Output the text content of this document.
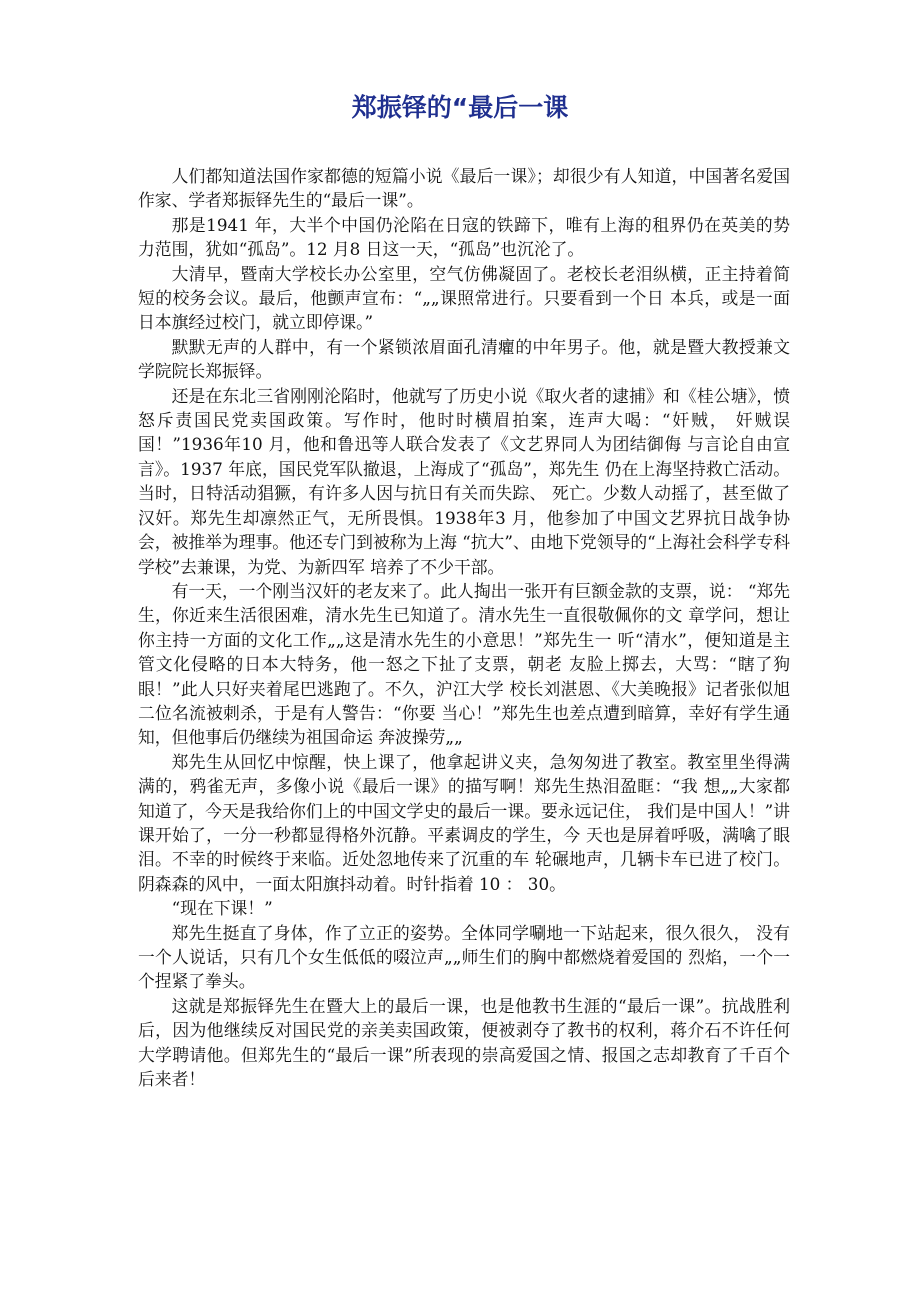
郑振铎的“最后一课

人们都知道法国作家都德的短篇小说《最后一课》；却很少有人知道，中国著名爱国作家、学者郑振铎先生的“最后一课”。

那是1941 年，大半个中国仍沦陷在日寇的铁蹄下，唯有上海的租界仍在英美的势力范围，犹如“孤岛”。12 月8 日这一天，“孤岛”也沉沦了。

大清早，暨南大学校长办公室里，空气仿佛凝固了。老校长老泪纵横，正主持着简短的校务会议。最后，他颤声宣布：“„„课照常进行。只要看到一个日 本兵，或是一面日本旗经过校门，就立即停课。”

默默无声的人群中，有一个紧锁浓眉面孔清癯的中年男子。他，就是暨大教授兼文学院院长郑振铎。

还是在东北三省刚刚沦陷时，他就写了历史小说《取火者的逮捕》和《桂公塘》，愤怒斥责国民党卖国政策。写作时，他时时横眉拍案，连声大喝：“奸贼， 奸贼误国！”1936年10 月，他和鲁迅等人联合发表了《文艺界同人为团结御侮 与言论自由宣言》。1937 年底，国民党军队撤退，上海成了“孤岛”，郑先生 仍在上海坚持救亡活动。当时，日特活动猖獗，有许多人因与抗日有关而失踪、 死亡。少数人动摇了，甚至做了汉奸。郑先生却凛然正气，无所畏惧。1938年3 月，他参加了中国文艺界抗日战争协会，被推举为理事。他还专门到被称为上海 “抗大”、由地下党领导的“上海社会科学专科学校”去兼课，为党、为新四军 培养了不少干部。

有一天，一个刚当汉奸的老友来了。此人掏出一张开有巨额金款的支票，说： “郑先生，你近来生活很困难，清水先生已知道了。清水先生一直很敬佩你的文 章学问，想让你主持一方面的文化工作„„这是清水先生的小意思！”郑先生一 听“清水”，便知道是主管文化侵略的日本大特务，他一怒之下扯了支票，朝老 友脸上掷去，大骂：“瞎了狗眼！”此人只好夹着尾巴逃跑了。不久，沪江大学 校长刘湛恩、《大美晚报》记者张似旭二位名流被刺杀，于是有人警告：“你要 当心！”郑先生也差点遭到暗算，幸好有学生通知，但他事后仍继续为祖国命运 奔波操劳„„

郑先生从回忆中惊醒，快上课了，他拿起讲义夹，急匆匆进了教室。教室里坐得满满的，鸦雀无声，多像小说《最后一课》的描写啊！郑先生热泪盈眶：“我 想„„大家都知道了，今天是我给你们上的中国文学史的最后一课。要永远记住， 我们是中国人！”讲课开始了，一分一秒都显得格外沉静。平素调皮的学生，今 天也是屏着呼吸，满噙了眼泪。不幸的时候终于来临。近处忽地传来了沉重的车 轮碾地声，几辆卡车已进了校门。阴森森的风中，一面太阳旗抖动着。时针指着 10 ： 30。

“现在下课！”

郑先生挺直了身体，作了立正的姿势。全体同学唰地一下站起来，很久很久， 没有一个人说话，只有几个女生低低的啜泣声„„师生们的胸中都燃烧着爱国的 烈焰，一个一个捏紧了拳头。

这就是郑振铎先生在暨大上的最后一课，也是他教书生涯的“最后一课”。抗战胜利后，因为他继续反对国民党的亲美卖国政策，便被剥夺了教书的权利，蒋介石不许任何大学聘请他。但郑先生的“最后一课”所表现的崇高爱国之情、报国之志却教育了千百个后来者！
